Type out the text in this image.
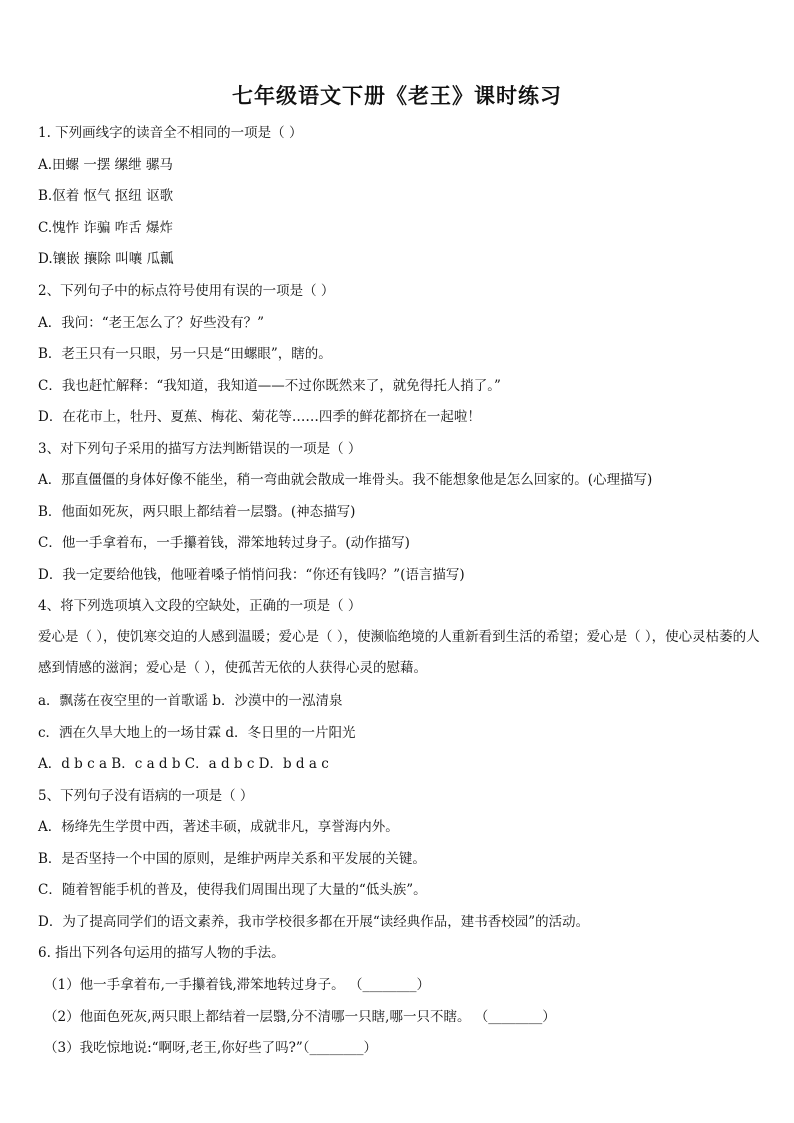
七年级语文下册《老王》课时练习
1. 下列画线字的读音全不相同的一项是（ ）
A.田螺 一摆 缧绁 骡马
B.伛着 怄气 抠纽 讴歌
C.愧怍 诈骗 咋舌 爆炸
D.镶嵌 攘除 叫嚷 瓜瓤
2、下列句子中的标点符号使用有误的一项是（ ）
A．我问：“老王怎么了？好些没有？”
B．老王只有一只眼，另一只是“田螺眼”，瞎的。
C．我也赶忙解释：“我知道，我知道——不过你既然来了，就免得托人捎了。”
D．在花市上，牡丹、夏蕉、梅花、菊花等……四季的鲜花都挤在一起啦！
3、对下列句子采用的描写方法判断错误的一项是（ ）
A．那直僵僵的身体好像不能坐，稍一弯曲就会散成一堆骨头。我不能想象他是怎么回家的。(心理描写)
B．他面如死灰，两只眼上都结着一层翳。(神态描写)
C．他一手拿着布，一手攥着钱，滞笨地转过身子。(动作描写)
D．我一定要给他钱，他哑着嗓子悄悄问我：“你还有钱吗？”(语言描写)
4、将下列选项填入文段的空缺处，正确的一项是（ ）
爱心是（ ），使饥寒交迫的人感到温暖；爱心是（ ），使濒临绝境的人重新看到生活的希望；爱心是（ ），使心灵枯萎的人感到情感的滋润；爱心是（ ），使孤苦无依的人获得心灵的慰藉。
a．飘荡在夜空里的一首歌谣 b．沙漠中的一泓清泉
c．洒在久旱大地上的一场甘霖 d．冬日里的一片阳光
A．d b c a B．c a d b C．a d b c D．b d a c
5、下列句子没有语病的一项是（ ）
A．杨绛先生学贯中西，著述丰硕，成就非凡，享誉海内外。
B．是否坚持一个中国的原则，是维护两岸关系和平发展的关键。
C．随着智能手机的普及，使得我们周围出现了大量的“低头族”。
D．为了提高同学们的语文素养，我市学校很多都在开展“读经典作品，建书香校园”的活动。
6. 指出下列各句运用的描写人物的手法。
（1）他一手拿着布,一手攥着钱,滞笨地转过身子。 （________）
（2）他面色死灰,两只眼上都结着一层翳,分不清哪一只瞎,哪一只不瞎。 （________）
（3）我吃惊地说:“啊呀,老王,你好些了吗?”（________）
